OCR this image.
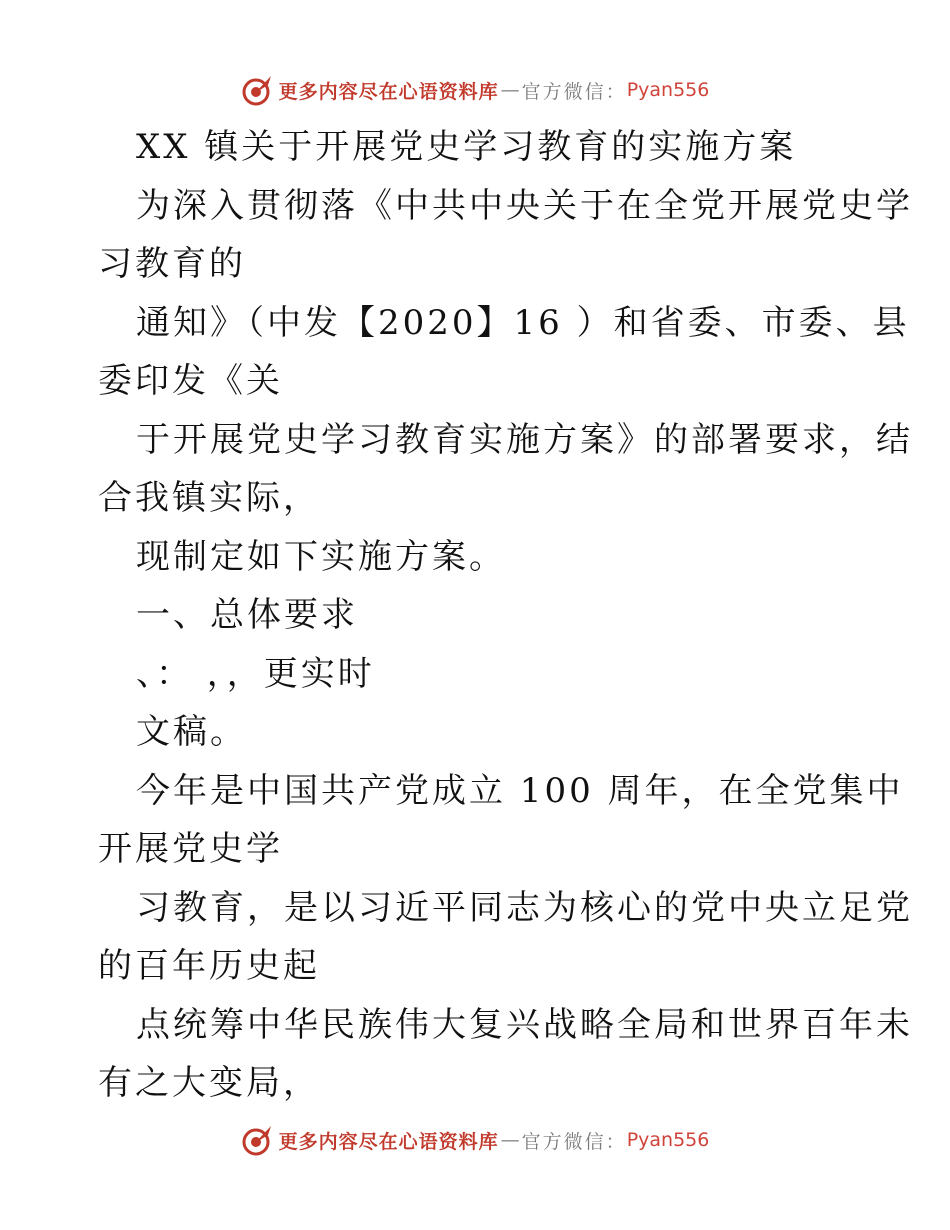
更多内容尽在心语资料库 — 官方微信： Pyan556
XX 镇关于开展党史学习教育的实施方案
为深入贯彻落《中共中央关于在全党开展党史学
习教育的
通知》（中发【2020】16 ）和省委、市委、县
委印发《关
于开展党史学习教育实施方案》的部署要求，结
合我镇实际，
现制定如下实施方案。
一、总体要求
、： ，，更实时
文稿。
今年是中国共产党成立 100 周年，在全党集中
开展党史学
习教育，是以习近平同志为核心的党中央立足党
的百年历史起
点统筹中华民族伟大复兴战略全局和世界百年未
有之大变局，
更多内容尽在心语资料库 — 官方微信： Pyan556
